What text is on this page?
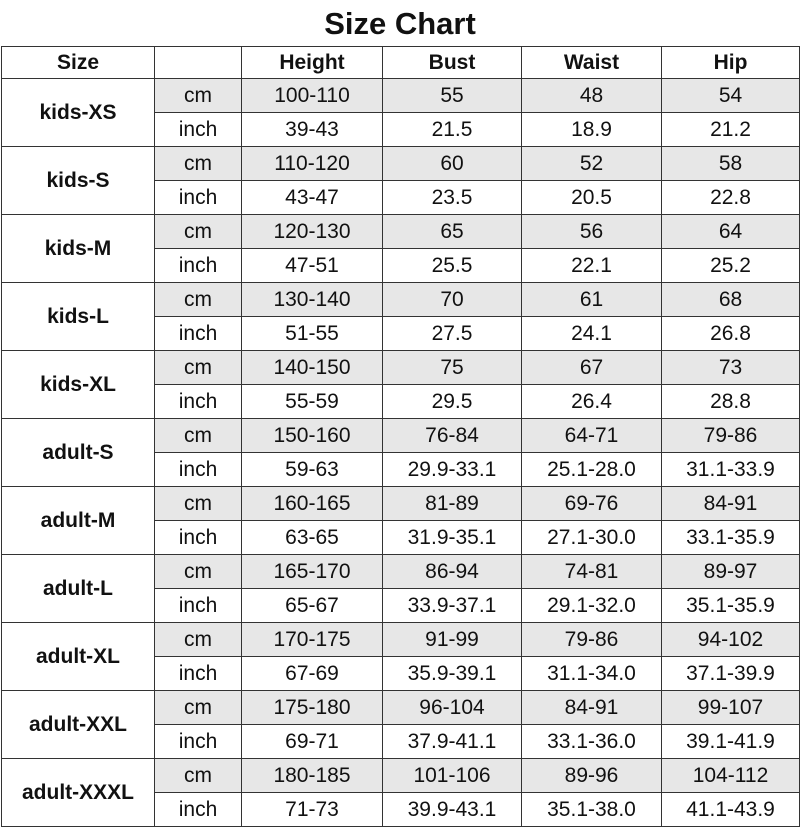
Size Chart
Size		Height	Bust	Waist	Hip
kids-XS	cm	100-110	55	48	54
	inch	39-43	21.5	18.9	21.2
kids-S	cm	110-120	60	52	58
	inch	43-47	23.5	20.5	22.8
kids-M	cm	120-130	65	56	64
	inch	47-51	25.5	22.1	25.2
kids-L	cm	130-140	70	61	68
	inch	51-55	27.5	24.1	26.8
kids-XL	cm	140-150	75	67	73
	inch	55-59	29.5	26.4	28.8
adult-S	cm	150-160	76-84	64-71	79-86
	inch	59-63	29.9-33.1	25.1-28.0	31.1-33.9
adult-M	cm	160-165	81-89	69-76	84-91
	inch	63-65	31.9-35.1	27.1-30.0	33.1-35.9
adult-L	cm	165-170	86-94	74-81	89-97
	inch	65-67	33.9-37.1	29.1-32.0	35.1-35.9
adult-XL	cm	170-175	91-99	79-86	94-102
	inch	67-69	35.9-39.1	31.1-34.0	37.1-39.9
adult-XXL	cm	175-180	96-104	84-91	99-107
	inch	69-71	37.9-41.1	33.1-36.0	39.1-41.9
adult-XXXL	cm	180-185	101-106	89-96	104-112
	inch	71-73	39.9-43.1	35.1-38.0	41.1-43.9
